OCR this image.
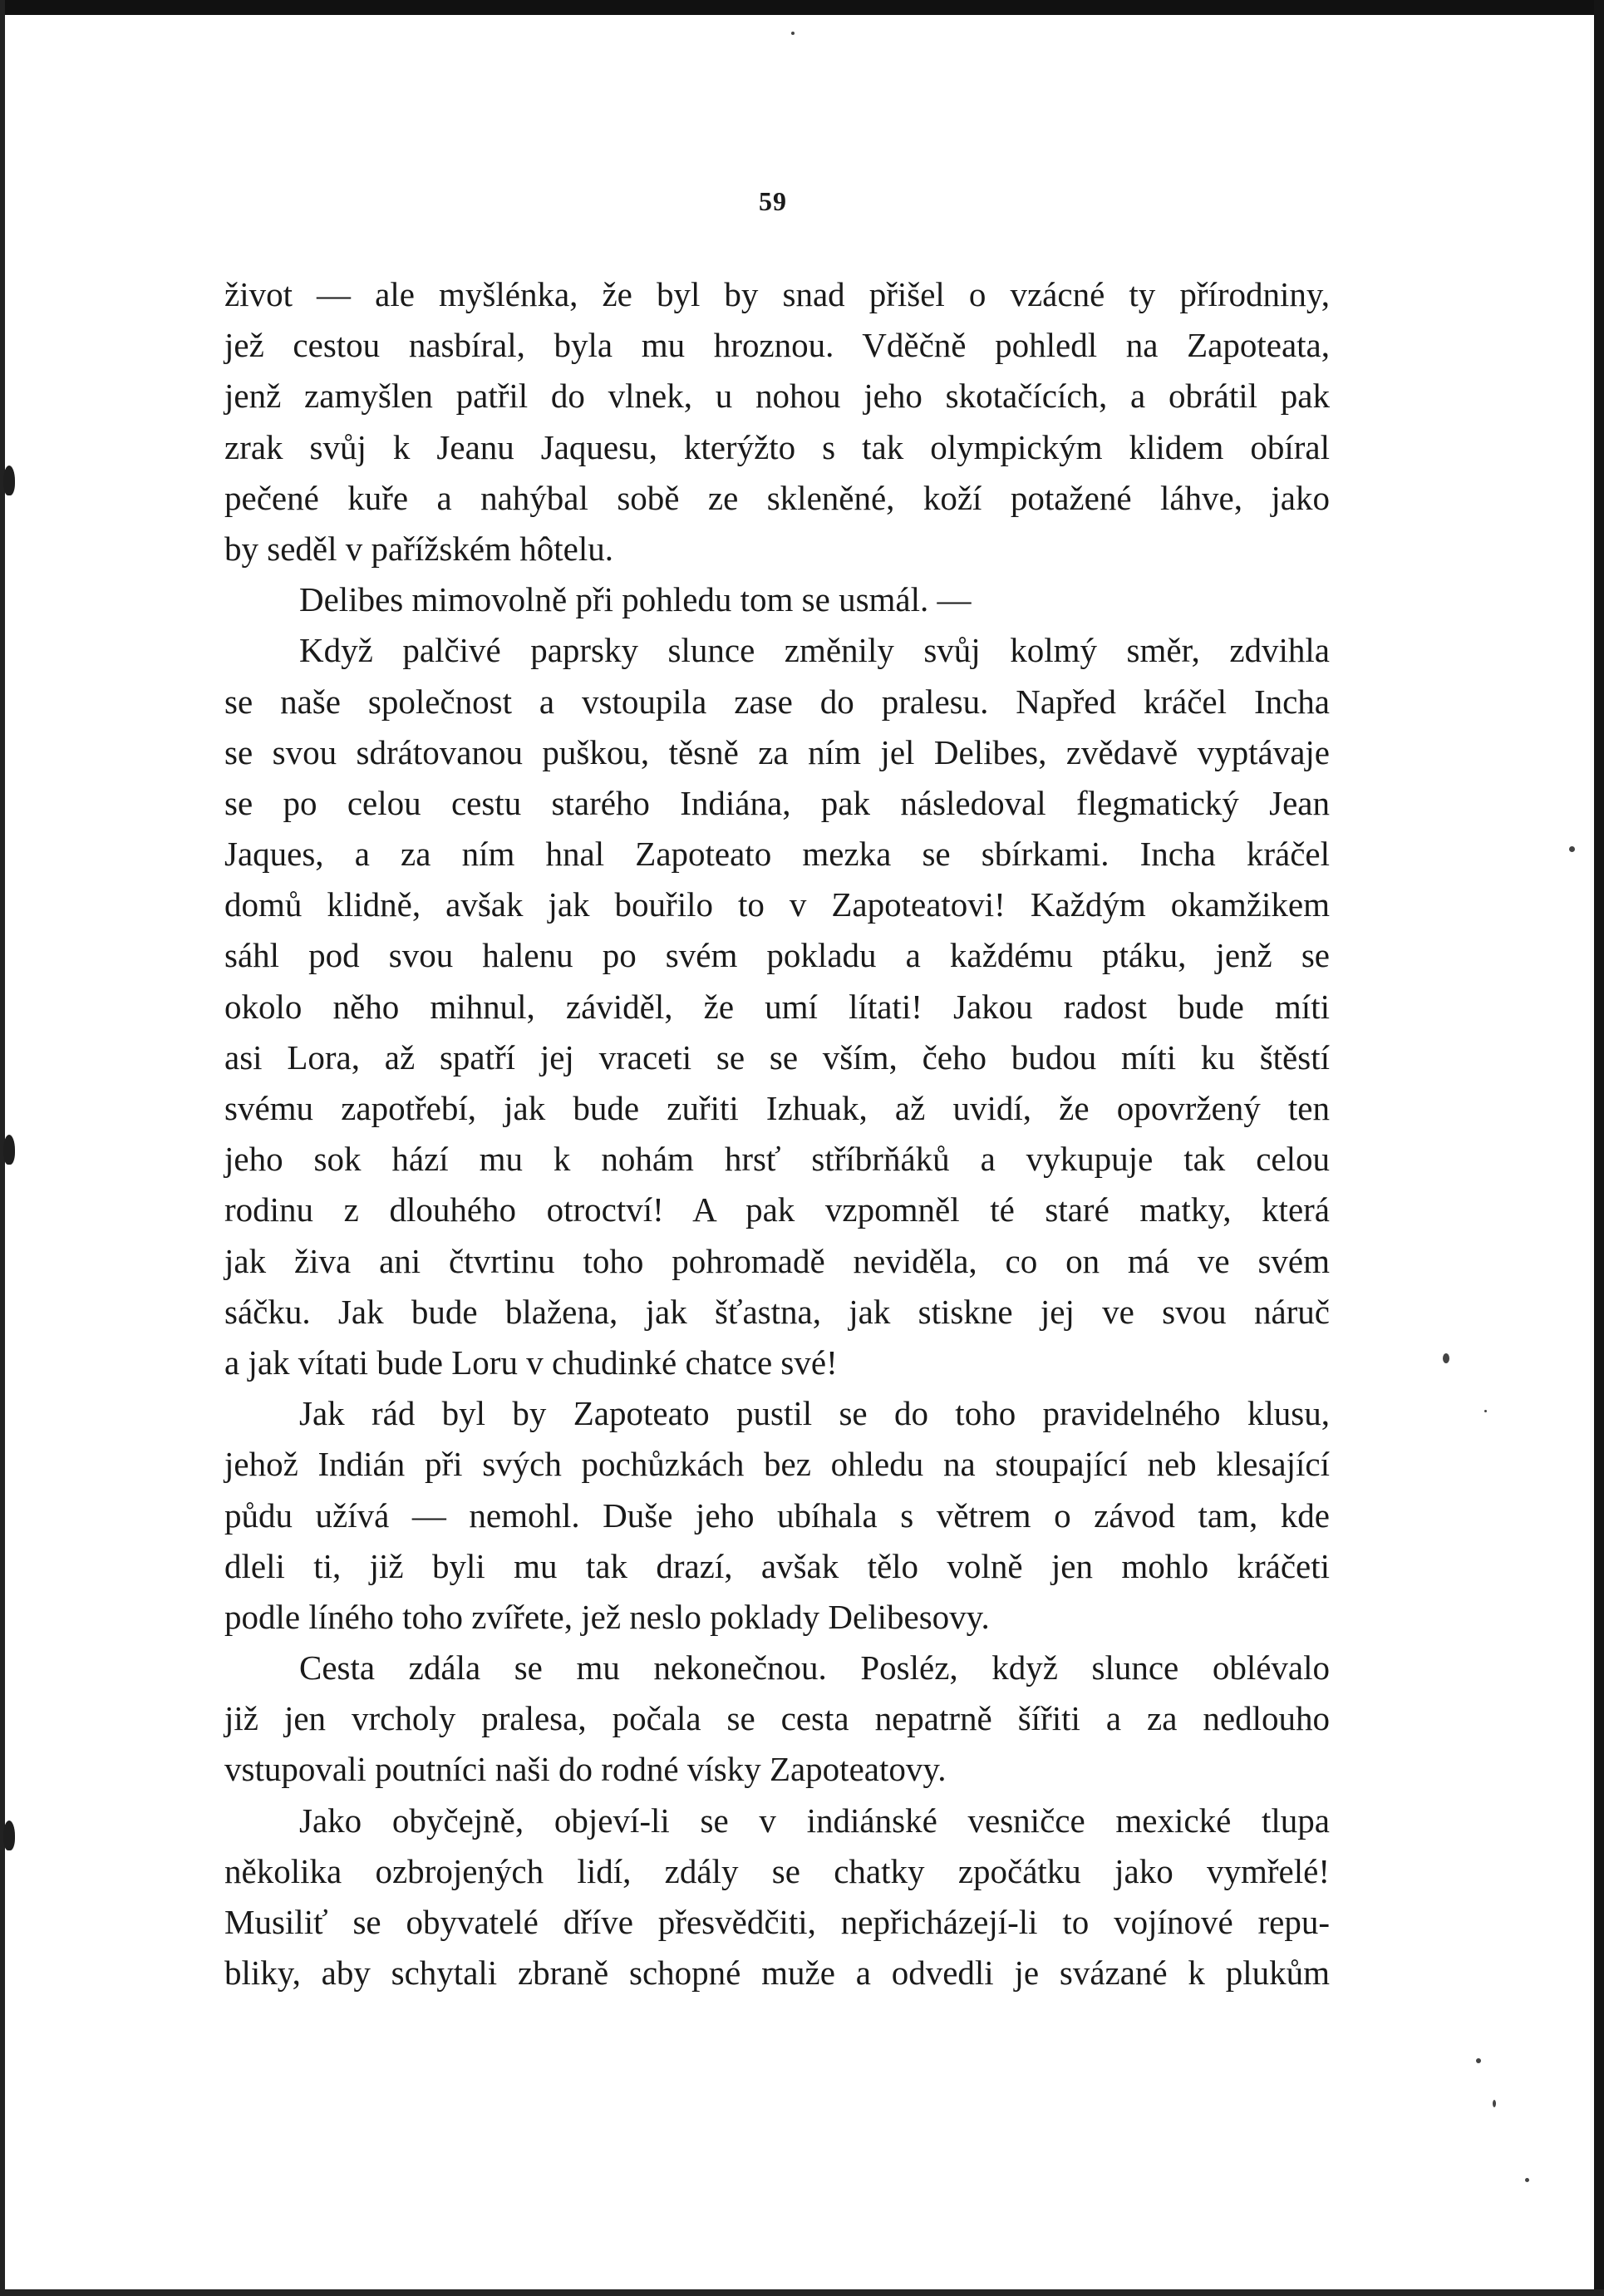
59
život — ale myšlénka, že byl by snad přišel o vzácné ty přírodniny,
jež cestou nasbíral, byla mu hroznou. Vděčně pohledl na Zapoteata,
jenž zamyšlen patřil do vlnek, u nohou jeho skotačících, a obrátil pak
zrak svůj k Jeanu Jaquesu, kterýžto s tak olympickým klidem obíral
pečené kuře a nahýbal sobě ze skleněné, koží potažené láhve, jako
by seděl v pařížském hôtelu.
Delibes mimovolně při pohledu tom se usmál. —
Když palčivé paprsky slunce změnily svůj kolmý směr, zdvihla
se naše společnost a vstoupila zase do pralesu. Napřed kráčel Incha
se svou sdrátovanou puškou, těsně za ním jel Delibes, zvědavě vyptávaje
se po celou cestu starého Indiána, pak následoval flegmatický Jean
Jaques, a za ním hnal Zapoteato mezka se sbírkami. Incha kráčel
domů klidně, avšak jak bouřilo to v Zapoteatovi! Každým okamžikem
sáhl pod svou halenu po svém pokladu a každému ptáku, jenž se
okolo něho mihnul, záviděl, že umí lítati! Jakou radost bude míti
asi Lora, až spatří jej vraceti se se vším, čeho budou míti ku štěstí
svému zapotřebí, jak bude zuřiti Izhuak, až uvidí, že opovržený ten
jeho sok hází mu k nohám hrsť stříbrňáků a vykupuje tak celou
rodinu z dlouhého otroctví! A pak vzpomněl té staré matky, která
jak živa ani čtvrtinu toho pohromadě neviděla, co on má ve svém
sáčku. Jak bude blažena, jak šťastna, jak stiskne jej ve svou náruč
a jak vítati bude Loru v chudinké chatce své!
Jak rád byl by Zapoteato pustil se do toho pravidelného klusu,
jehož Indián při svých pochůzkách bez ohledu na stoupající neb klesající
půdu užívá — nemohl. Duše jeho ubíhala s větrem o závod tam, kde
dleli ti, již byli mu tak drazí, avšak tělo volně jen mohlo kráčeti
podle líného toho zvířete, jež neslo poklady Delibesovy.
Cesta zdála se mu nekonečnou. Posléz, když slunce oblévalo
již jen vrcholy pralesa, počala se cesta nepatrně šířiti a za nedlouho
vstupovali poutníci naši do rodné vísky Zapoteatovy.
Jako obyčejně, objeví-li se v indiánské vesničce mexické tlupa
několika ozbrojených lidí, zdály se chatky zpočátku jako vymřelé!
Musiliť se obyvatelé dříve přesvědčiti, nepřicházejí-li to vojínové repu-
bliky, aby schytali zbraně schopné muže a odvedli je svázané k plukům
